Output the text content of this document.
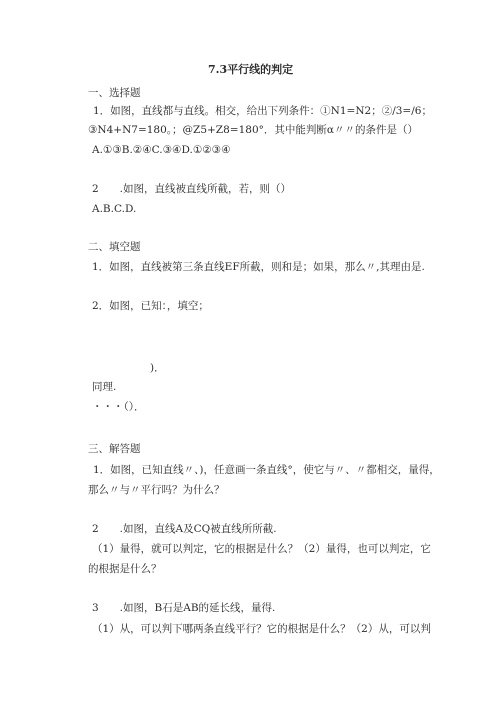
7.3平行线的判定
一、选择题
1．如图，直线都与直线。相交，给出下列条件：①N1=N2；②/3=/6；
③N4+N7=180。；@Z5+Z8=180°．其中能判断α〃〃的条件是（）
A.①③B.②④C.③④D.①②③④
2　　.如图，直线被直线所截，若，则（）
A.B.C.D.
二、填空题
1．如图，直线被第三条直线EF所截，则和是；如果，那么〃,其理由是.
2．如图，已知：，填空；
)．
同理.
・・・（）．
三、解答题
1．如图，已知直线〃、)，任意画一条直线°，使它与〃、〃都相交，量得，
那么〃与〃平行吗？为什么？
2　　.如图，直线A及CQ被直线所所截.
（1）量得，就可以判定，它的根据是什么？（2）量得，也可以判定，它
的根据是什么？
3　　.如图，B石是AB的延长线，量得.
（1）从，可以判下哪两条直线平行？它的根据是什么？（2）从，可以判
